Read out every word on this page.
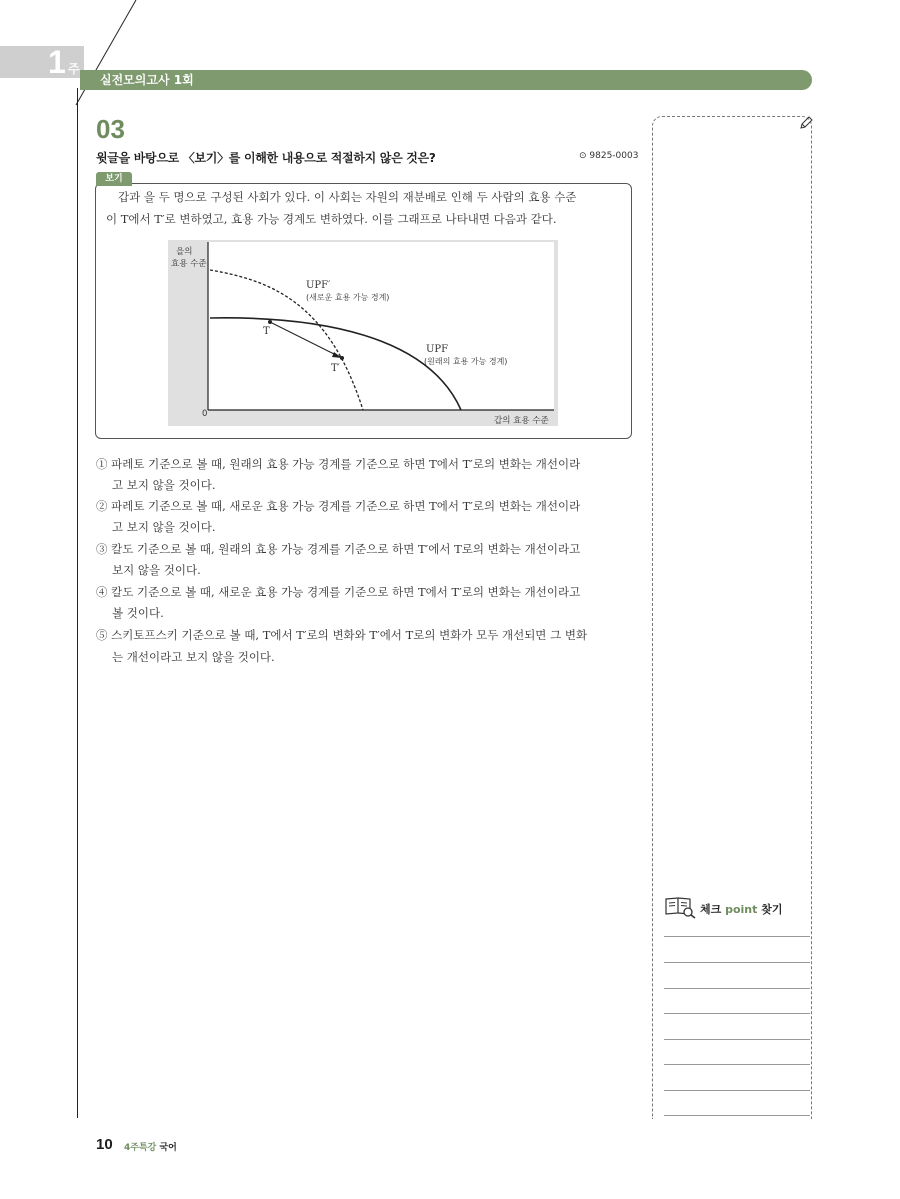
1 주
실전모의고사 1회
03
윗글을 바탕으로 〈보기〉를 이해한 내용으로 적절하지 않은 것은?	⊙ 9825-0003
보기
갑과 을 두 명으로 구성된 사회가 있다. 이 사회는 자원의 재분배로 인해 두 사람의 효용 수준
이 T에서 T′로 변하였고, 효용 가능 경계도 변하였다. 이를 그래프로 나타내면 다음과 같다.
을의
효용 수준
0
갑의 효용 수준
UPF′
(새로운 효용 가능 경계)
UPF
(원래의 효용 가능 경계)
T
T′
① 파레토 기준으로 볼 때, 원래의 효용 가능 경계를 기준으로 하면 T에서 T′로의 변화는 개선이라
고 보지 않을 것이다.
② 파레토 기준으로 볼 때, 새로운 효용 가능 경계를 기준으로 하면 T에서 T′로의 변화는 개선이라
고 보지 않을 것이다.
③ 칼도 기준으로 볼 때, 원래의 효용 가능 경계를 기준으로 하면 T′에서 T로의 변화는 개선이라고
보지 않을 것이다.
④ 칼도 기준으로 볼 때, 새로운 효용 가능 경계를 기준으로 하면 T에서 T′로의 변화는 개선이라고
볼 것이다.
⑤ 스키토프스키 기준으로 볼 때, T에서 T′로의 변화와 T′에서 T로의 변화가 모두 개선되면 그 변화
는 개선이라고 보지 않을 것이다.
체크 point 찾기
10 4주특강 국어
